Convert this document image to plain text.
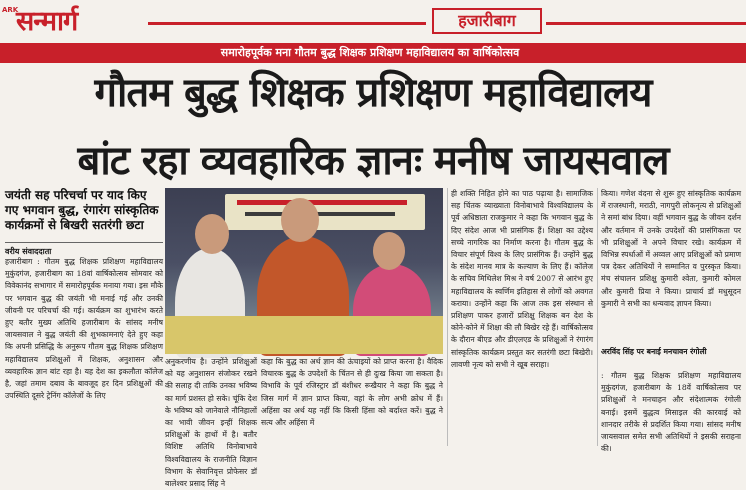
ARK
सन्मार्ग	हजारीबाग
समारोहपूर्वक मना गौतम बुद्ध शिक्षक प्रशिक्षण महाविद्यालय का वार्षिकोत्सव
गौतम बुद्ध शिक्षक प्रशिक्षण महाविद्यालय
बांट रहा व्यवहारिक ज्ञानः मनीष जायसवाल
जयंती सह परिचर्चा पर याद किए गए भगवान बुद्ध, रंगारंग सांस्कृतिक कार्यक्रमों से बिखरी सतरंगी छटा
वरीय संवाददाता
हजारीबाग : गौतम बुद्ध शिक्षक प्रशिक्षण महाविद्यालय मुकुंदगंज, हजारीबाग का 18वां वार्षिकोत्सव सोमवार को विवेकानंद सभागार में समारोहपूर्वक मनाया गया। इस मौके पर भगवान बुद्ध की जयंती भी मनाई गई और उनकी जीवनी पर परिचर्चा की गई। कार्यक्रम का शुभारंभ करते हुए बतौर मुख्य अतिथि हजारीबाग के सांसद मनीष जायसवाल ने बुद्ध जयंती की शुभकामनाएं देते हुए कहा कि अपनी प्रसिद्धि के अनुरूप गौतम बुद्ध शिक्षक प्रशिक्षण महाविद्यालय प्रशिक्षुओं में शिक्षक, अनुशासन और व्यवहारिक ज्ञान बांट रहा है। यह देश का इकलौता कॉलेज है, जहां तमाम दबाव के बावजूद हर दिन प्रशिक्षुओं की उपस्थिति दूसरे ट्रेनिंग कॉलेजों के लिए
अनुकरणीय है। उन्होंने प्रशिक्षुओं को यह अनुशासन संजोकर रखने की सलाह दी ताकि उनका भविष्य का मार्ग प्रशस्त हो सके। चूंकि देश के भविष्य को जानेवाले नौनिहालों का भावी जीवन इन्हीं शिक्षक प्रशिक्षुओं के हाथों में है। बतौर विशिष्ट अतिथि विनोबाभावे विश्वविद्यालय के राजनीति विज्ञान विभाग के सेवानिवृत्त प्रोफेसर डॉ बालेश्वर प्रसाद सिंह ने
कहा कि बुद्ध का अर्थ ज्ञान की ऊंचाइयों को प्राप्त करना है। वैदिक विचारक बुद्ध के उपदेशों के चिंतन से ही दुःख किया जा सकता है। विभावि के पूर्व रजिस्ट्रार डॉ बंशीधर रूखैयार ने कहा कि बुद्ध ने जिस मार्ग में ज्ञान प्राप्त किया, वहां के लोग अभी क्रोध में हैं। अहिंसा का अर्थ यह नहीं कि किसी हिंसा को बर्दाश्त करें। बुद्ध ने सत्य और अहिंसा में
ही शक्ति निहित होने का पाठ पढ़ाया है। सामाजिक सह चिंतक व्याख्याता विनोबाभावे विश्वविद्यालय के पूर्व अधिष्ठाता राजकुमार ने कहा कि भगवान बुद्ध के दिए संदेश आज भी प्रासंगिक हैं। शिक्षा का उद्देश्य सच्चे नागरिक का निर्माण करना है। गौतम बुद्ध के विचार संपूर्ण विश्व के लिए प्रासंगिक हैं। उन्होंने बुद्ध के संदेश मानव मात्र के कल्याण के लिए हैं। कॉलेज के सचिव मिथिलेश मिश्र ने वर्ष 2007 से आरंभ हुए महाविद्यालय के स्वर्णिम इतिहास से लोगों को अवगत कराया। उन्होंने कहा कि आज तक इस संस्थान से प्रशिक्षण पाकर हजारों प्रशिक्षु शिक्षक बन देश के कोने-कोने में शिक्षा की लौ बिखेर रहे हैं। वार्षिकोत्सव के दौरान बीएड और डीएलएड के प्रशिक्षुओं ने रंगारंग सांस्कृतिक कार्यक्रम प्रस्तुत कर सतरंगी छटा बिखेरी। लावणी नृत्य को सभी ने खूब सराहा।
किया। गणेश वंदना से शुरू हुए सांस्कृतिक कार्यक्रम में राजस्थानी, मराठी, नागपुरी लोकनृत्य से प्रशिक्षुओं ने समां बांध दिया। वहीं भगवान बुद्ध के जीवन दर्शन और वर्तमान में उनके उपदेशों की प्रासंगिकता पर भी प्रशिक्षुओं ने अपने विचार रखे। कार्यक्रम में विभिन्न स्पर्धाओं में अव्वल आए प्रशिक्षुओं को प्रमाण पत्र देकर अतिथियों ने सम्मानित व पुरस्कृत किया। मंच संचालन प्रशिक्षु कुमारी श्वेता, कुमारी कोमल और कुमारी प्रिया ने किया। प्राचार्य डॉ मधुसूदन कुमारी ने सभी का धन्यवाद ज्ञापन किया।
अरविंद सिंह पर बनाई मनचावन रंगोली
: गौतम बुद्ध शिक्षक प्रशिक्षण महाविद्यालय मुकुंदगंज, हजारीबाग के 18वें वार्षिकोत्सव पर प्रशिक्षुओं ने मनचाहन और संदेशात्मक रंगोली बनाई। इसमें बुद्धत्व मिसाइल की कारवाई को शानदार तरीके से प्रदर्शित किया गया। सांसद मनीष जायसवाल समेत सभी अतिथियों ने इसकी सराहना की।
